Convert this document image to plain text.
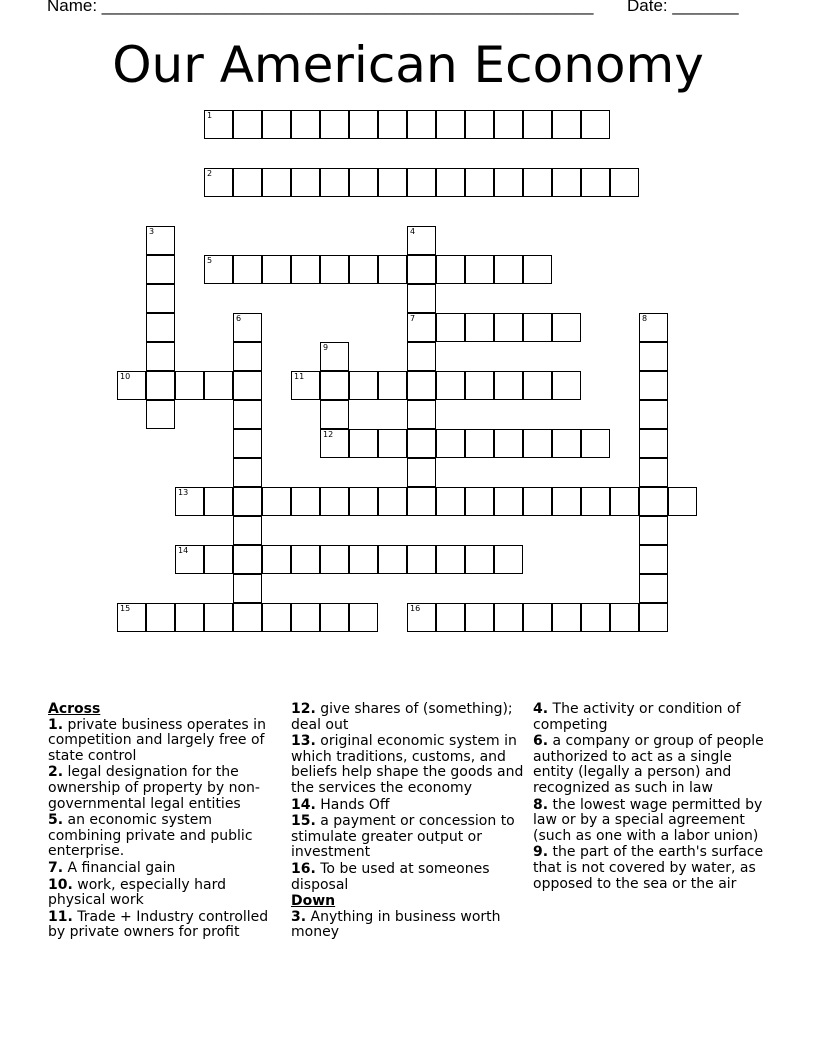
Name: ____________________________________________________ Date: _______
Our American Economy
1
2
3	4
7
5
6	8
9
12
10	11
13
14
15	16
Across
1. private business operates in competition and largely free of state control
2. legal designation for the ownership of property by non-governmental legal entities
5. an economic system combining private and public enterprise.
7. A financial gain
10. work, especially hard physical work
11. Trade + Industry controlled by private owners for profit
12. give shares of (something); deal out
13. original economic system in which traditions, customs, and beliefs help shape the goods and the services the economy
14. Hands Off
15. a payment or concession to stimulate greater output or investment
16. To be used at someones disposal
Down
3. Anything in business worth money
4. The activity or condition of competing
6. a company or group of people authorized to act as a single entity (legally a person) and recognized as such in law
8. the lowest wage permitted by law or by a special agreement (such as one with a labor union)
9. the part of the earth's surface that is not covered by water, as opposed to the sea or the air
